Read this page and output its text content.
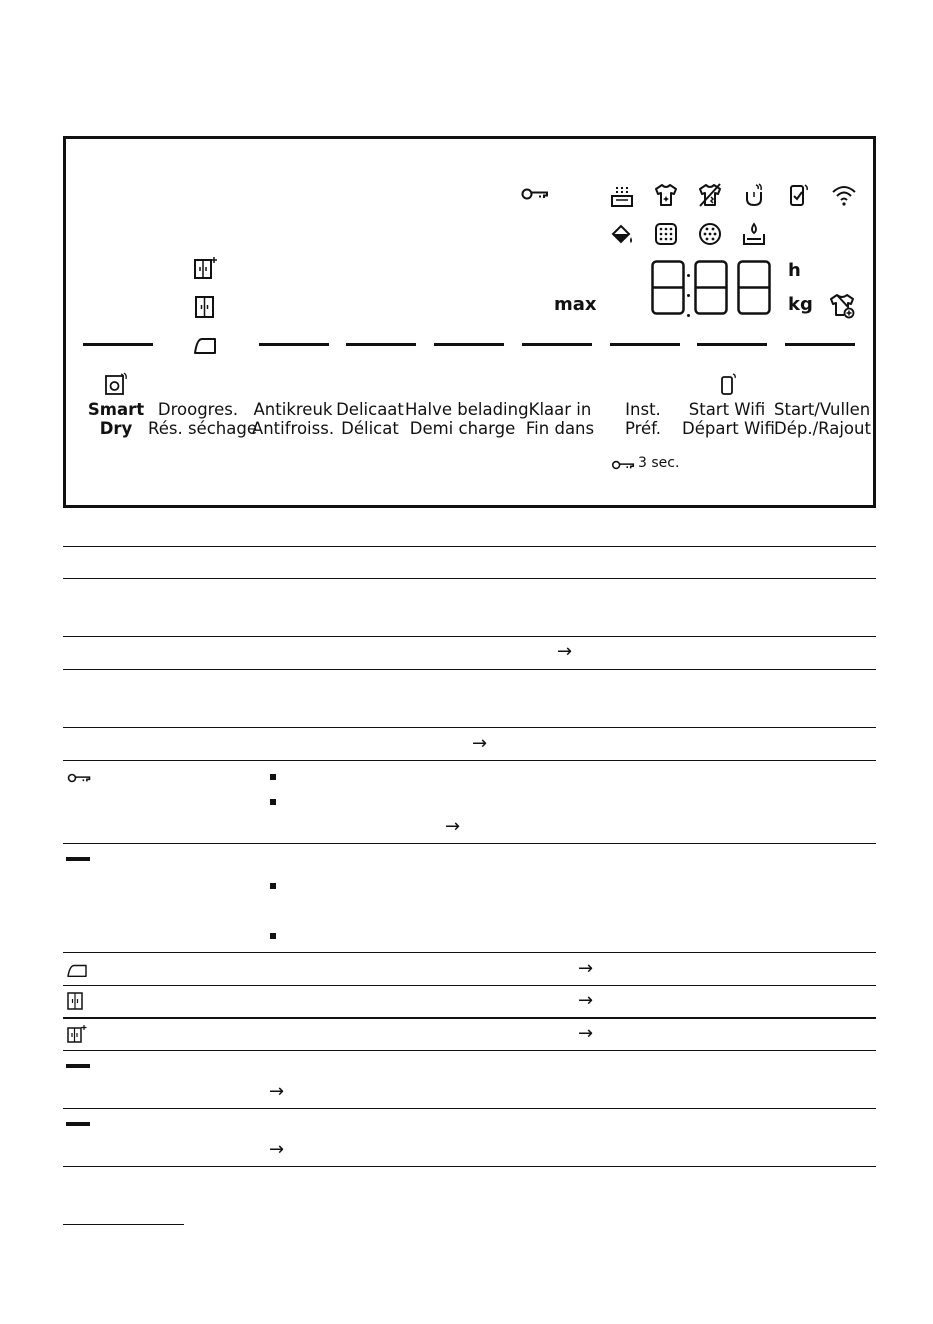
max
h
kg
Smart
Dry
Droogres.
Rés. séchage
Antikreuk
Antifroiss.
Delicaat
Délicat
Halve belading
Demi charge
Klaar in
Fin dans
Inst.
Préf.
Start Wifi
Départ Wifi
Start/Vullen
Dép./Rajout
3 sec.
→
→
→
→
→
→
→
→
